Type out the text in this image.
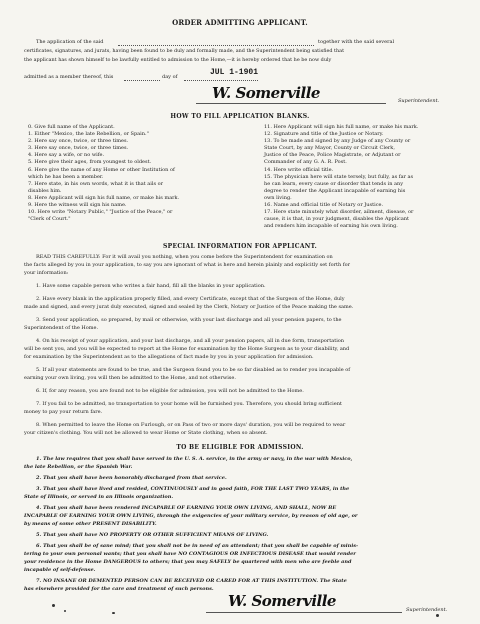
ORDER ADMITTING APPLICANT.
The application of the said	together with the said several
certificates, signatures, and jurats, having been found to be duly and formally made, and the Superintendent being satisfied that
the applicant has shown himself to be lawfully entitled to admission to the Home,—it is hereby ordered that he be now duly
admitted as a member thereof, this	day of	JUL 1-1901
W. Somerville	Superintendent.
HOW TO FILL APPLICATION BLANKS.
0. Give full name of the Applicant.
1. Either "Mexico, the late Rebellion, or Spain."
2. Here say once, twice, or three times.
3. Here say once, twice, or three times.
4. Here say a wife, or no wife.
5. Here give their ages, from youngest to oldest.
6. Here give the name of any Home or other Institution of
which he has been a member.
7. Here state, in his own words, what it is that ails or
disables him.
8. Here Applicant will sign his full name, or make his mark.
9. Here the witness will sign his name.
10. Here write "Notary Public," "Justice of the Peace," or
"Clerk of Court."
11. Here Applicant will sign his full name, or make his mark.
12. Signature and title of the Justice or Notary.
13. To be made and signed by any Judge of any County or
State Court, by any Mayor, County or Circuit Clerk,
Justice of the Peace, Police Magistrate, or Adjutant or
Commander of any G. A. R. Post.
14. Here write official title.
15. The physician here will state tersely, but fully, as far as
he can learn, every cause or disorder that tends in any
degree to render the Applicant incapable of earning his
own living.
16. Name and official title of Notary or Justice.
17. Here state minutely what disorder, ailment, disease, or
cause, it is that, in your judgment, disables the Applicant
and renders him incapable of earning his own living.
SPECIAL INFORMATION FOR APPLICANT.
READ THIS CAREFULLY: For it will avail you nothing, when you come before the Superintendent for examination on
the facts alleged by you in your application, to say you are ignorant of what is here and herein plainly and explicitly set forth for
your information:
1. Have some capable person who writes a fair hand, fill all the blanks in your application.
2. Have every blank in the application properly filled, and every Certificate, except that of the Surgeon of the Home, duly
made and signed, and every jurat duly executed, signed and sealed by the Clerk, Notary or Justice of the Peace making the same.
3. Send your application, so prepared, by mail or otherwise, with your last discharge and all your pension papers, to the
Superintendent of the Home.
4. On his receipt of your application, and your last discharge, and all your pension papers, all in due form, transportation
will be sent you, and you will be expected to report at the Home for examination by the Home Surgeon as to your disability, and
for examination by the Superintendent as to the allegations of fact made by you in your application for admission.
5. If all your statements are found to be true, and the Surgeon found you to be so far disabled as to render you incapable of
earning your own living, you will then be admitted to the Home, and not otherwise.
6. If, for any reason, you are found not to be eligible for admission, you will not be admitted to the Home.
7. If you fail to be admitted, no transportation to your home will be furnished you. Therefore, you should bring sufficient
money to pay your return fare.
8. When permitted to leave the Home on Furlough, or on Pass of two or more days' duration, you will be required to wear
your citizen's clothing. You will not be allowed to wear Home or State clothing, when so absent.
TO BE ELIGIBLE FOR ADMISSION.
1. The law requires that you shall have served in the U. S. A. service, in the army or navy, in the war with Mexico,
the late Rebellion, or the Spanish War.
2. That you shall have been honorably discharged from that service.
3. That you shall have lived and resided, CONTINUOUSLY and in good faith, FOR THE LAST TWO YEARS, in the
State of Illinois, or served in an Illinois organization.
4. That you shall have been rendered INCAPABLE OF EARNING YOUR OWN LIVING, AND SHALL, NOW BE
INCAPABLE OF EARNING YOUR OWN LIVING, through the exigencies of your military service, by reason of old age, or
by means of some other PRESENT DISABILITY.
5. That you shall have NO PROPERTY OR OTHER SUFFICIENT MEANS OF LIVING.
6. That you shall be of sane mind; that you shall not be in need of an attendant; that you shall be capable of minis-
tering to your own personal wants; that you shall have NO CONTAGIOUS OR INFECTIOUS DISEASE that would render
your residence in the Home DANGEROUS to others; that you may SAFELY be quartered with men who are feeble and
incapable of self-defense.
7. NO INSANE OR DEMENTED PERSON CAN BE RECEIVED OR CARED FOR AT THIS INSTITUTION. The State
has elsewhere provided for the care and treatment of such persons.
W. Somerville	Superintendent.
